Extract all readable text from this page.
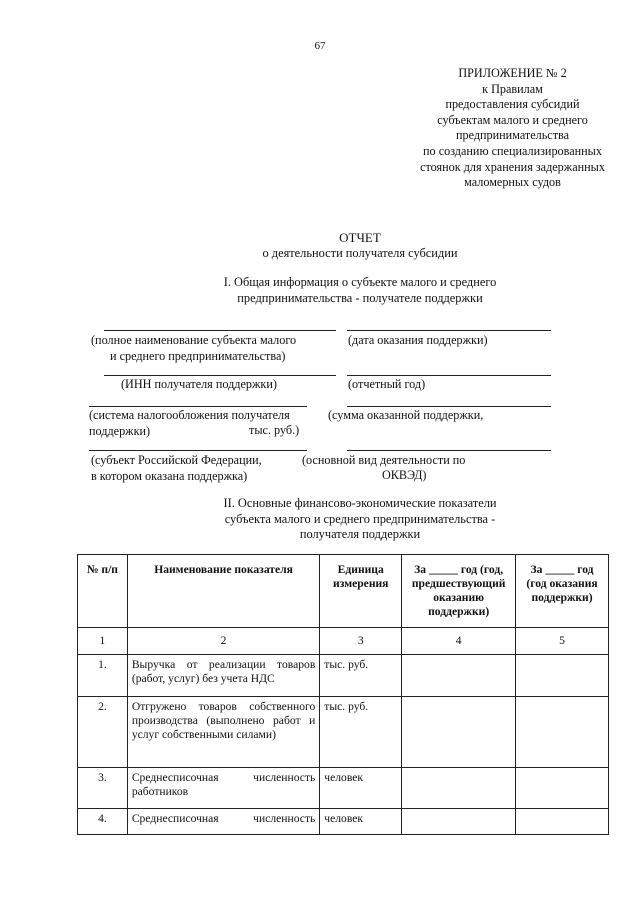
67
ПРИЛОЖЕНИЕ № 2
к Правилам
предоставления субсидий
субъектам малого и среднего
предпринимательства
по созданию специализированных
стоянок для хранения задержанных
маломерных судов
ОТЧЕТ
о деятельности получателя субсидии
I. Общая информация о субъекте малого и среднего
предпринимательства - получателе поддержки
(полное наименование субъекта малого
и среднего предпринимательства)
(дата оказания поддержки)
(ИНН получателя поддержки)	(отчетный год)
(система налогообложения получателя
поддержки)
(сумма оказанной поддержки,
тыс. руб.)
(субъект Российской Федерации,
в котором оказана поддержка)
(основной вид деятельности по
ОКВЭД)
II. Основные финансово-экономические показатели
субъекта малого и среднего предпринимательства -
получателя поддержки
№ п/п	Наименование показателя	Единица измерения	За _____ год (год, предшествующий оказанию поддержки)	За _____ год (год оказания поддержки)
1	2	3	4	5
1.	Выручка от реализации товаров (работ, услуг) без учета НДС	тыс. руб.		
2.	Отгружено товаров собственного производства (выполнено работ и услуг собственными силами)	тыс. руб.		
3.	Среднесписочная численность работников	человек		
4.	Среднесписочная численность	человек		
